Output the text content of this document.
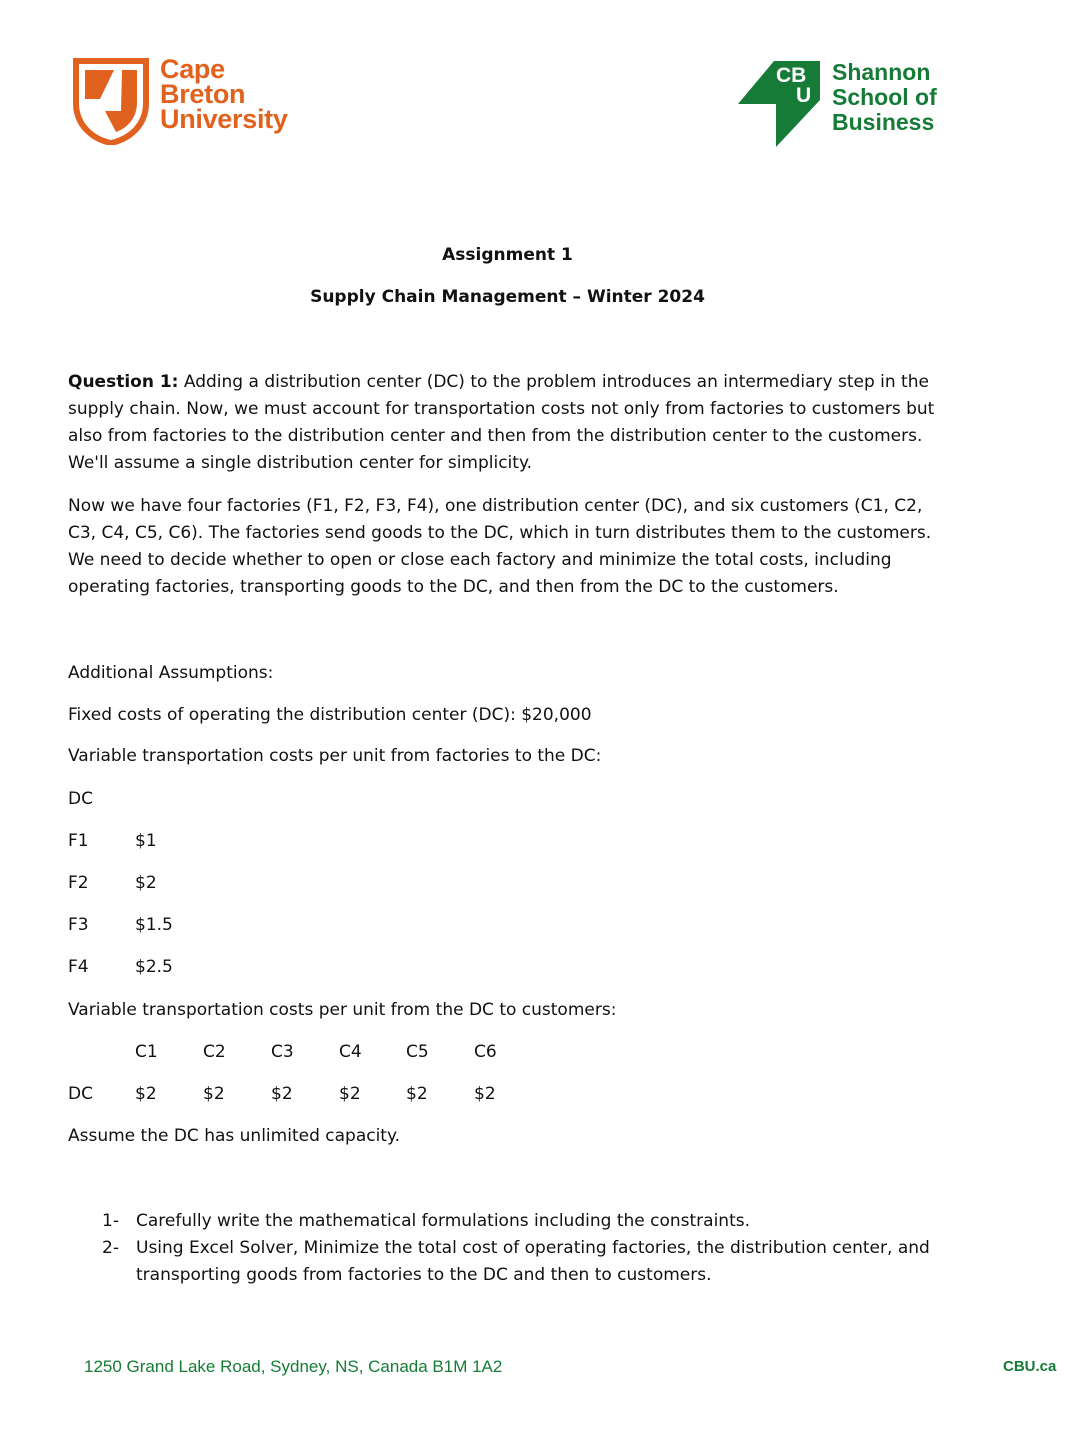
Cape
Breton
University
CB
U
Shannon
School of
Business
Assignment 1
Supply Chain Management – Winter 2024

Question 1: Adding a distribution center (DC) to the problem introduces an intermediary step in the supply chain. Now, we must account for transportation costs not only from factories to customers but also from factories to the distribution center and then from the distribution center to the customers. We'll assume a single distribution center for simplicity.

Now we have four factories (F1, F2, F3, F4), one distribution center (DC), and six customers (C1, C2, C3, C4, C5, C6). The factories send goods to the DC, which in turn distributes them to the customers. We need to decide whether to open or close each factory and minimize the total costs, including operating factories, transporting goods to the DC, and then from the DC to the customers.

Additional Assumptions:
Fixed costs of operating the distribution center (DC): $20,000
Variable transportation costs per unit from factories to the DC:
DC
F1	$1
F2	$2
F3	$1.5
F4	$2.5
Variable transportation costs per unit from the DC to customers:
C1	C2	C3	C4	C5	C6
DC $2	$2	$2	$2	$2	$2
Assume the DC has unlimited capacity.
1- Carefully write the mathematical formulations including the constraints.
2- Using Excel Solver, Minimize the total cost of operating factories, the distribution center, and transporting goods from factories to the DC and then to customers.
1250 Grand Lake Road, Sydney, NS, Canada B1M 1A2	CBU.ca
